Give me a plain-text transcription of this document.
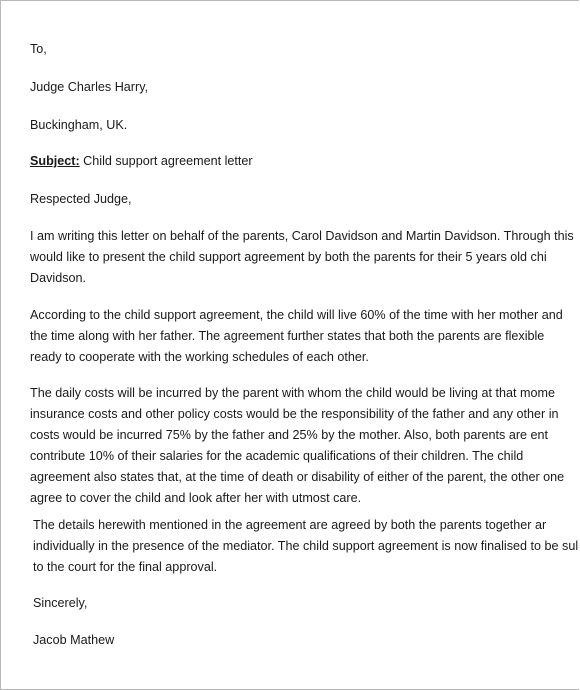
To,
Judge Charles Harry,
Buckingham, UK.
Subject: Child support agreement letter
Respected Judge,
I am writing this letter on behalf of the parents, Carol Davidson and Martin Davidson. Through this
would like to present the child support agreement by both the parents for their 5 years old chi
Davidson.
According to the child support agreement, the child will live 60% of the time with her mother and
the time along with her father. The agreement further states that both the parents are flexible
ready to cooperate with the working schedules of each other.
The daily costs will be incurred by the parent with whom the child would be living at that mome
insurance costs and other policy costs would be the responsibility of the father and any other in
costs would be incurred 75% by the father and 25% by the mother. Also, both parents are ent
contribute 10% of their salaries for the academic qualifications of their children. The child
agreement also states that, at the time of death or disability of either of the parent, the other one
agree to cover the child and look after her with utmost care.
The details herewith mentioned in the agreement are agreed by both the parents together ar
individually in the presence of the mediator. The child support agreement is now finalised to be sul
to the court for the final approval.
Sincerely,
Jacob Mathew
